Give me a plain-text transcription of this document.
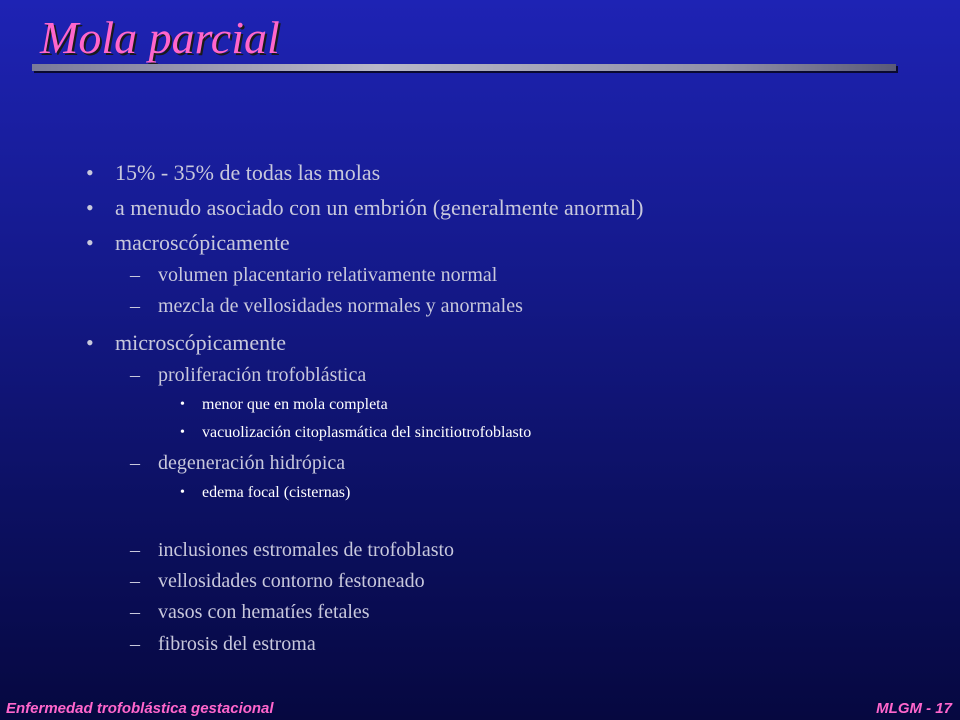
Mola parcial
• 15% - 35% de todas las molas
• a menudo asociado con un embrión (generalmente anormal)
• macroscópicamente
– volumen placentario relativamente normal
– mezcla de vellosidades normales y anormales
• microscópicamente
– proliferación trofoblástica
• menor que en mola completa
• vacuolización citoplasmática del sincitiotrofoblasto
– degeneración hidrópica
• edema focal (cisternas)
– inclusiones estromales de trofoblasto
– vellosidades contorno festoneado
– vasos con hematíes fetales
– fibrosis del estroma
Enfermedad trofoblástica gestacional	MLGM - 17
